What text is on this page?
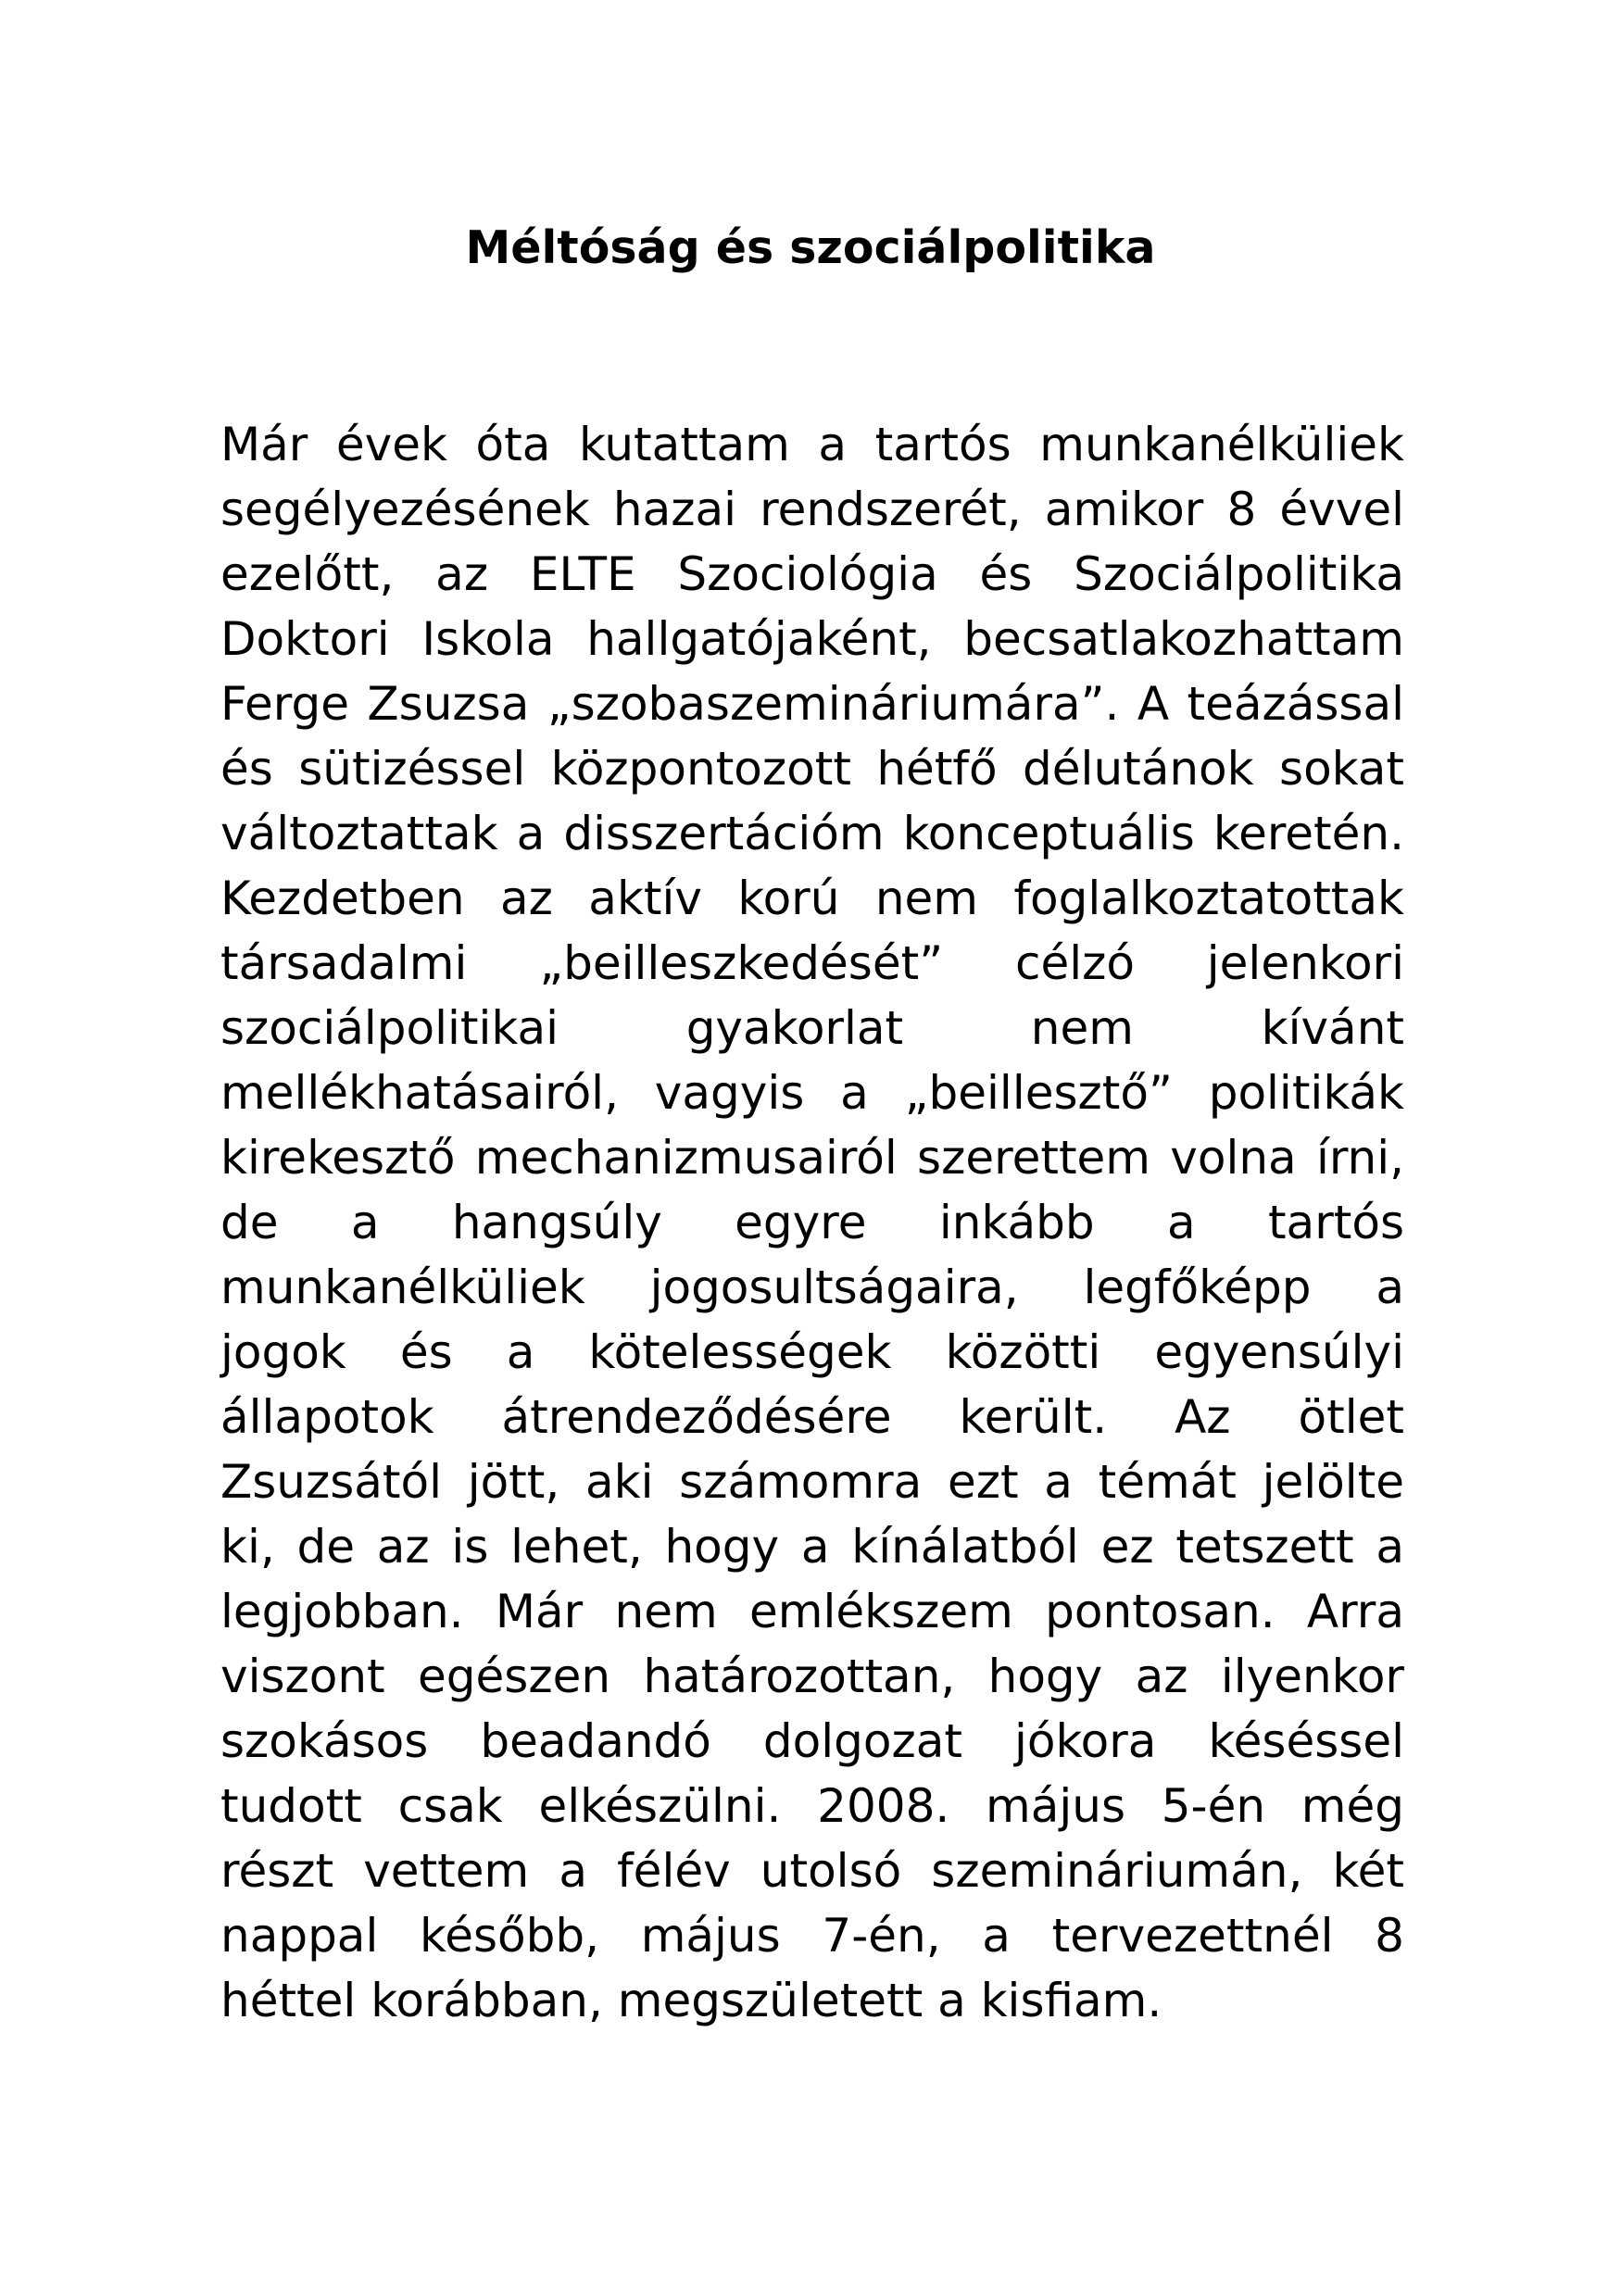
Méltóság és szociálpolitika
Már évek óta kutattam a tartós munkanélküliek
segélyezésének hazai rendszerét, amikor 8 évvel
ezelőtt, az ELTE Szociológia és Szociálpolitika
Doktori Iskola hallgatójaként, becsatlakozhattam
Ferge Zsuzsa „szobaszemináriumára”. A teázással
és sütizéssel központozott hétfő délutánok sokat
változtattak a disszertációm konceptuális keretén.
Kezdetben az aktív korú nem foglalkoztatottak
társadalmi „beilleszkedését” célzó jelenkori
szociálpolitikai gyakorlat nem kívánt
mellékhatásairól, vagyis a „beillesztő” politikák
kirekesztő mechanizmusairól szerettem volna írni,
de a hangsúly egyre inkább a tartós
munkanélküliek jogosultságaira, legfőképp a
jogok és a kötelességek közötti egyensúlyi
állapotok átrendeződésére került. Az ötlet
Zsuzsától jött, aki számomra ezt a témát jelölte
ki, de az is lehet, hogy a kínálatból ez tetszett a
legjobban. Már nem emlékszem pontosan. Arra
viszont egészen határozottan, hogy az ilyenkor
szokásos beadandó dolgozat jókora késéssel
tudott csak elkészülni. 2008. május 5-én még
részt vettem a félév utolsó szemináriumán, két
nappal később, május 7-én, a tervezettnél 8
héttel korábban, megszületett a kisfiam.
